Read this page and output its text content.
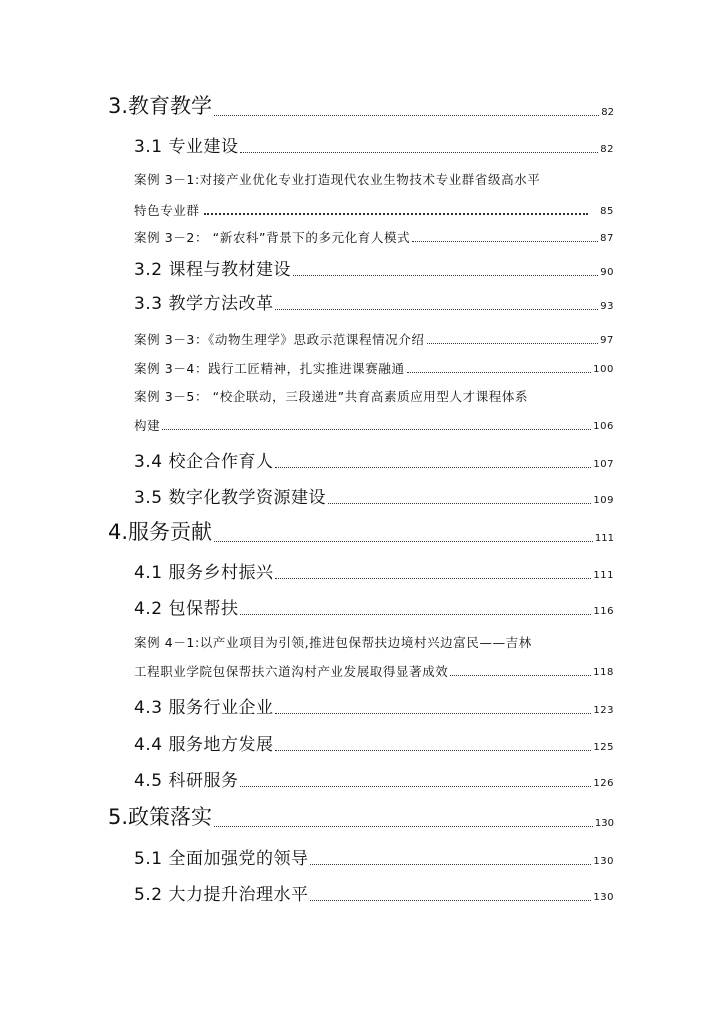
3.教育教学	82
3.1 专业建设	82
案例 3－1:对接产业优化专业打造现代农业生物技术专业群省级高水平
特色专业群	85
案例 3－2： “新农科”背景下的多元化育人模式	87
3.2 课程与教材建设	90
3.3 教学方法改革	93
案例 3－3：《动物生理学》思政示范课程情况介绍	97
案例 3－4：践行工匠精神，扎实推进课赛融通	100
案例 3－5： “校企联动，三段递进”共育高素质应用型人才课程体系
构建	106
3.4 校企合作育人	107
3.5 数字化教学资源建设	109
4.服务贡献	111
4.1 服务乡村振兴	111
4.2 包保帮扶	116
案例 4－1:以产业项目为引领,推进包保帮扶边境村兴边富民——吉林
工程职业学院包保帮扶六道沟村产业发展取得显著成效	118
4.3 服务行业企业	123
4.4 服务地方发展	125
4.5 科研服务	126
5.政策落实	130
5.1 全面加强党的领导	130
5.2 大力提升治理水平	130
